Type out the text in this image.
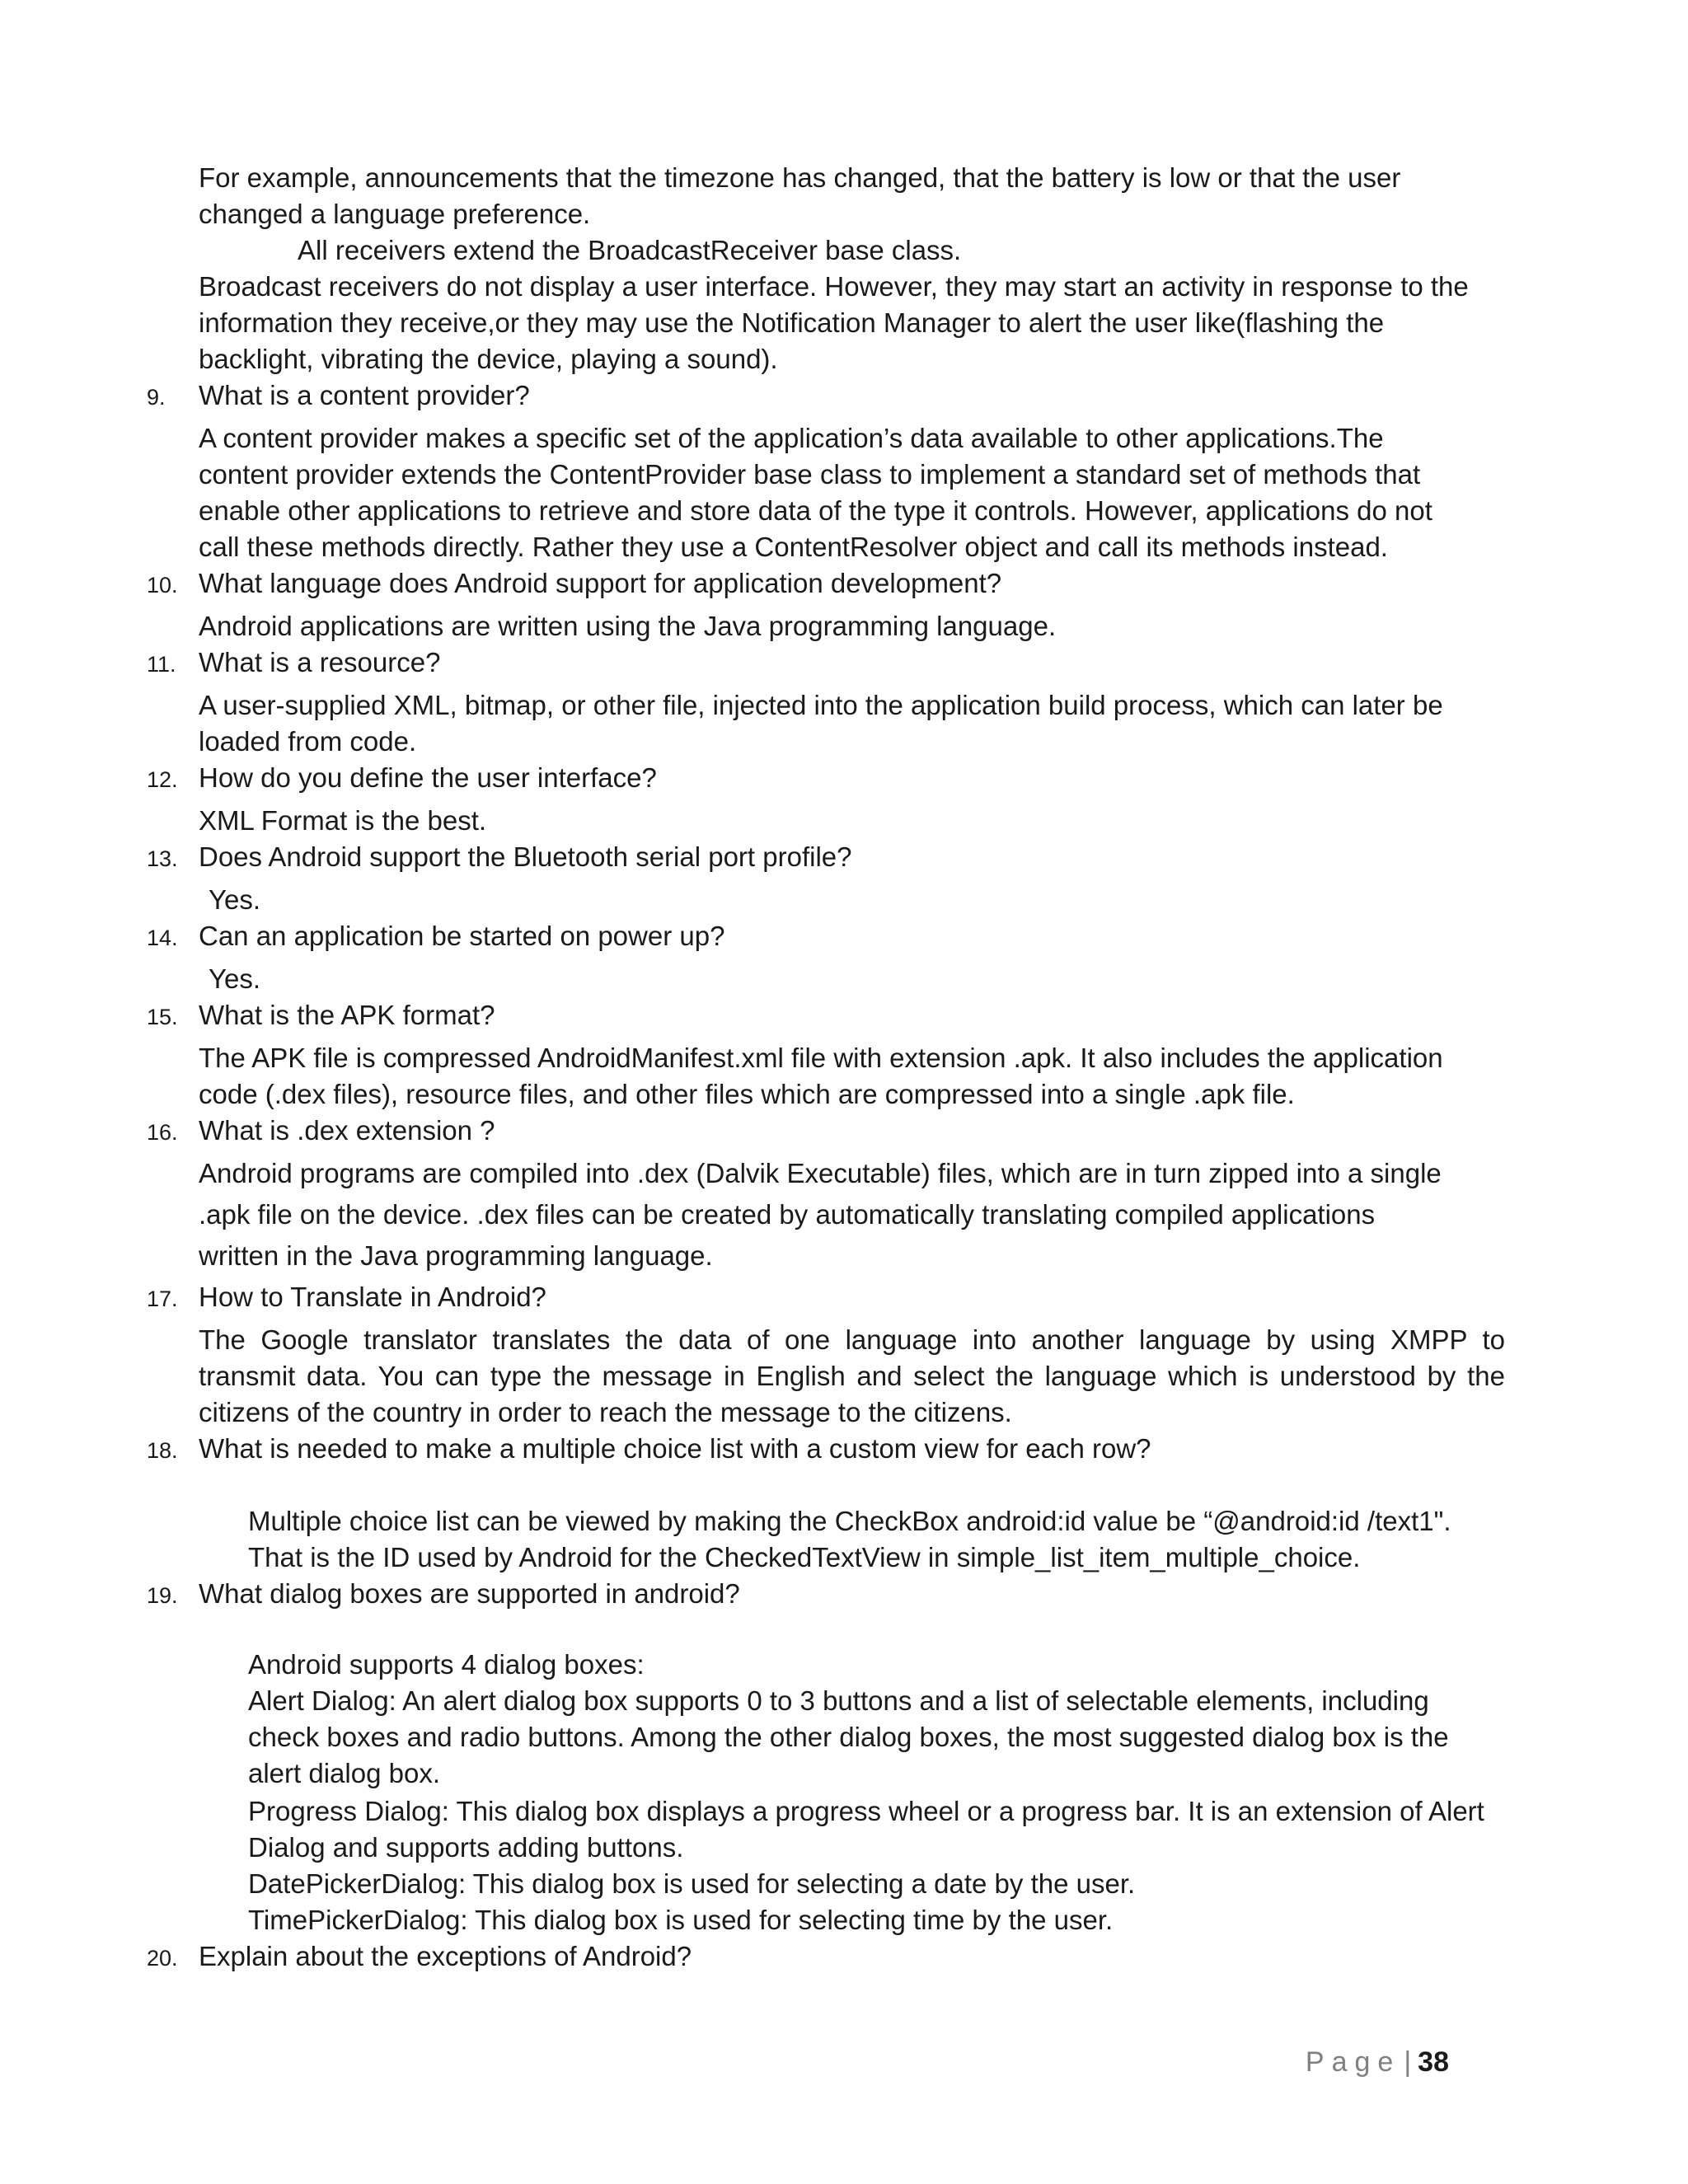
For example, announcements that the timezone has changed, that the battery is low or that the user
changed a language preference.
All receivers extend the BroadcastReceiver base class.
Broadcast receivers do not display a user interface. However, they may start an activity in response to the
information they receive,or they may use the Notification Manager to alert the user like(flashing the
backlight, vibrating the device, playing a sound).
9. What is a content provider?
A content provider makes a specific set of the application’s data available to other applications.The
content provider extends the ContentProvider base class to implement a standard set of methods that
enable other applications to retrieve and store data of the type it controls. However, applications do not
call these methods directly. Rather they use a ContentResolver object and call its methods instead.
10. What language does Android support for application development?
Android applications are written using the Java programming language.
11. What is a resource?
A user-supplied XML, bitmap, or other file, injected into the application build process, which can later be
loaded from code.
12. How do you define the user interface?
XML Format is the best.
13. Does Android support the Bluetooth serial port profile?
Yes.
14. Can an application be started on power up?
Yes.
15. What is the APK format?
The APK file is compressed AndroidManifest.xml file with extension .apk. It also includes the application
code (.dex files), resource files, and other files which are compressed into a single .apk file.
16. What is .dex extension ?
Android programs are compiled into .dex (Dalvik Executable) files, which are in turn zipped into a single
.apk file on the device. .dex files can be created by automatically translating compiled applications
written in the Java programming language.
17. How to Translate in Android?
The Google translator translates the data of one language into another language by using XMPP to
transmit data. You can type the message in English and select the language which is understood by the
citizens of the country in order to reach the message to the citizens.
18. What is needed to make a multiple choice list with a custom view for each row?
Multiple choice list can be viewed by making the CheckBox android:id value be “@android:id /text1".
That is the ID used by Android for the CheckedTextView in simple_list_item_multiple_choice.
19. What dialog boxes are supported in android?
Android supports 4 dialog boxes:
Alert Dialog: An alert dialog box supports 0 to 3 buttons and a list of selectable elements, including
check boxes and radio buttons. Among the other dialog boxes, the most suggested dialog box is the
alert dialog box.
Progress Dialog: This dialog box displays a progress wheel or a progress bar. It is an extension of Alert
Dialog and supports adding buttons.
DatePickerDialog: This dialog box is used for selecting a date by the user.
TimePickerDialog: This dialog box is used for selecting time by the user.
20. Explain about the exceptions of Android?
Page | 38
